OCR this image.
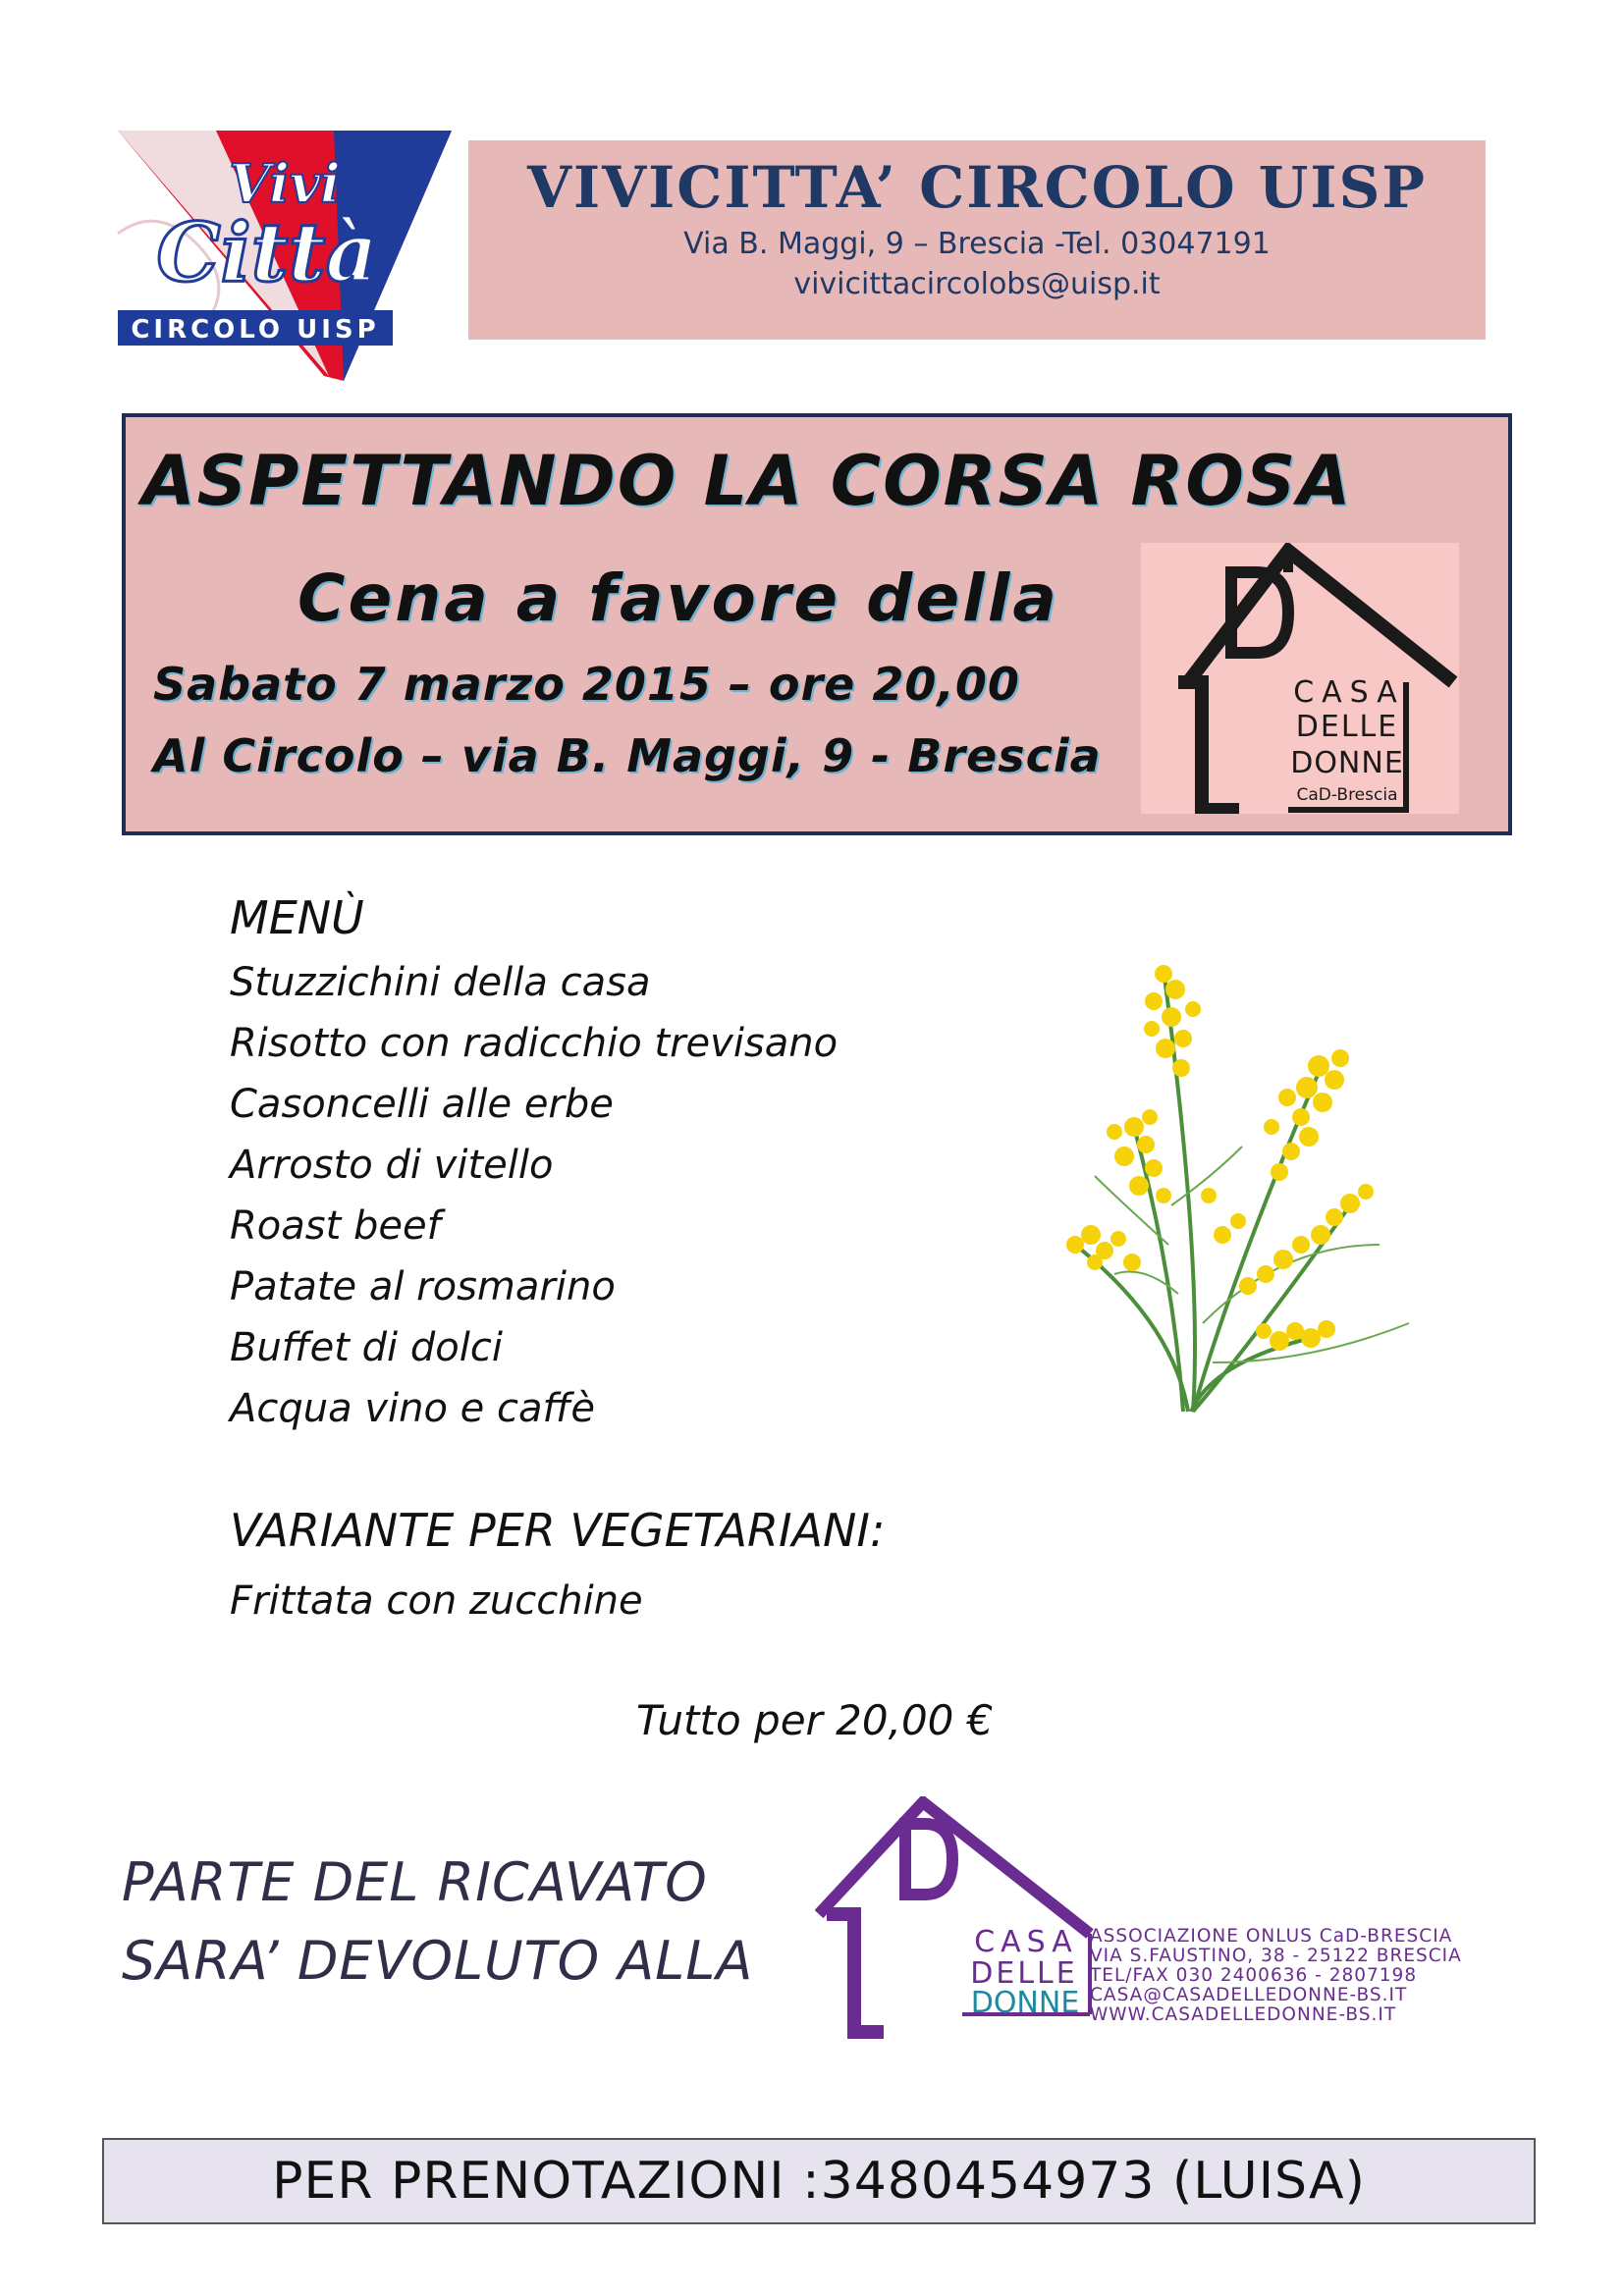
CIRCOLO UISP
Vivi
Città
VIVICITTA’ CIRCOLO UISP
Via B. Maggi, 9 – Brescia -Tel. 03047191
vivicittacircolobs@uisp.it
ASPETTANDO LA CORSA ROSA
Cena a favore della
Sabato 7 marzo 2015 – ore 20,00
Al Circolo – via B. Maggi, 9 - Brescia
CASA
DELLE
DONNE
CaD-Brescia
MENÙ
Stuzzichini della casa
Risotto con radicchio trevisano
Casoncelli alle erbe
Arrosto di vitello
Roast beef
Patate al rosmarino
Buffet di dolci
Acqua vino e caffè
VARIANTE PER VEGETARIANI:
Frittata con zucchine
Tutto per 20,00 €
PARTE DEL RICAVATO
SARA’ DEVOLUTO ALLA	CASA
DELLE
DONNE
ASSOCIAZIONE ONLUS CaD-BRESCIA
VIA S.FAUSTINO, 38 - 25122 BRESCIA
TEL/FAX 030 2400636 - 2807198
CASA@CASADELLEDONNE-BS.IT
WWW.CASADELLEDONNE-BS.IT
PER PRENOTAZIONI :3480454973 (LUISA)
